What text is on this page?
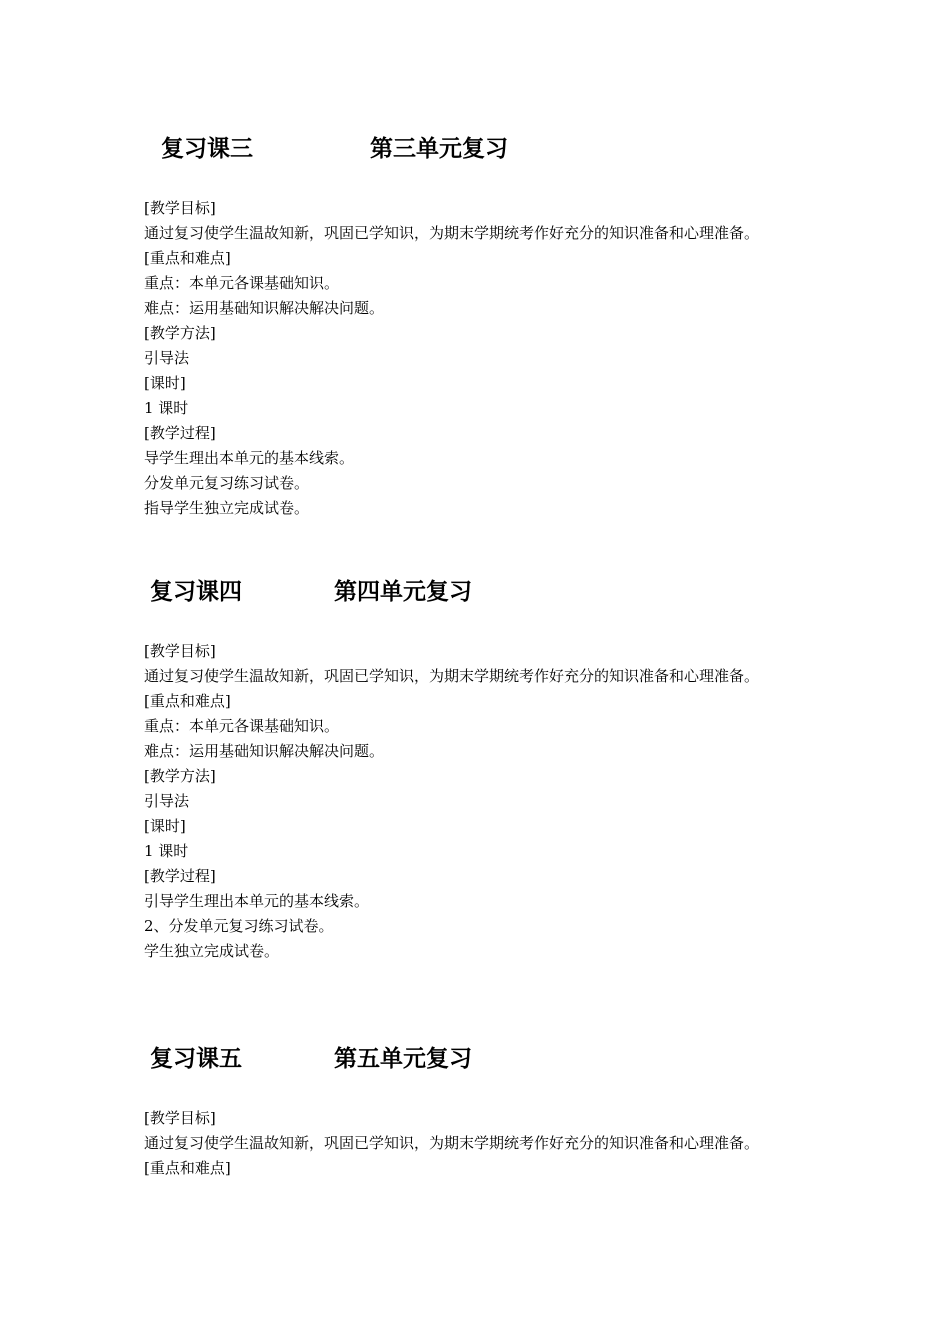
复习课三	第三单元复习
[教学目标]
通过复习使学生温故知新，巩固已学知识，为期末学期统考作好充分的知识准备和心理准备。
[重点和难点]
重点：本单元各课基础知识。
难点：运用基础知识解决解决问题。
[教学方法]
引导法
[课时]
1 课时
[教学过程]
导学生理出本单元的基本线索。
分发单元复习练习试卷。
指导学生独立完成试卷。
复习课四	第四单元复习
[教学目标]
通过复习使学生温故知新，巩固已学知识，为期末学期统考作好充分的知识准备和心理准备。
[重点和难点]
重点：本单元各课基础知识。
难点：运用基础知识解决解决问题。
[教学方法]
引导法
[课时]
1 课时
[教学过程]
引导学生理出本单元的基本线索。
2、分发单元复习练习试卷。
学生独立完成试卷。
复习课五	第五单元复习
[教学目标]
通过复习使学生温故知新，巩固已学知识，为期末学期统考作好充分的知识准备和心理准备。
[重点和难点]
